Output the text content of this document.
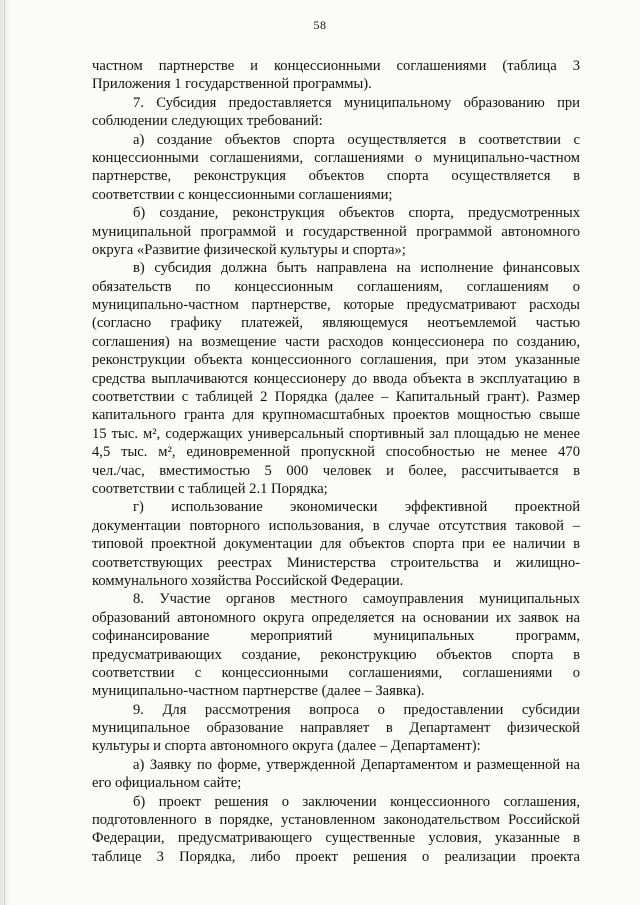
58
частном партнерстве и концессионными соглашениями (таблица 3
Приложения 1 государственной программы).
7. Субсидия предоставляется муниципальному образованию при
соблюдении следующих требований:
а) создание объектов спорта осуществляется в соответствии с
концессионными соглашениями, соглашениями о муниципально-частном
партнерстве, реконструкция объектов спорта осуществляется в
соответствии с концессионными соглашениями;
б) создание, реконструкция объектов спорта, предусмотренных
муниципальной программой и государственной программой автономного
округа «Развитие физической культуры и спорта»;
в) субсидия должна быть направлена на исполнение финансовых
обязательств по концессионным соглашениям, соглашениям о
муниципально-частном партнерстве, которые предусматривают расходы
(согласно графику платежей, являющемуся неотъемлемой частью
соглашения) на возмещение части расходов концессионера по созданию,
реконструкции объекта концессионного соглашения, при этом указанные
средства выплачиваются концессионеру до ввода объекта в эксплуатацию в
соответствии с таблицей 2 Порядка (далее – Капитальный грант). Размер
капитального гранта для крупномасштабных проектов мощностью свыше
15 тыс. м², содержащих универсальный спортивный зал площадью не менее
4,5 тыс. м², единовременной пропускной способностью не менее 470
чел./час, вместимостью 5 000 человек и более, рассчитывается в
соответствии с таблицей 2.1 Порядка;
г) использование экономически эффективной проектной
документации повторного использования, в случае отсутствия таковой –
типовой проектной документации для объектов спорта при ее наличии в
соответствующих реестрах Министерства строительства и жилищно-
коммунального хозяйства Российской Федерации.
8. Участие органов местного самоуправления муниципальных
образований автономного округа определяется на основании их заявок на
софинансирование мероприятий муниципальных программ,
предусматривающих создание, реконструкцию объектов спорта в
соответствии с концессионными соглашениями, соглашениями о
муниципально-частном партнерстве (далее – Заявка).
9. Для рассмотрения вопроса о предоставлении субсидии
муниципальное образование направляет в Департамент физической
культуры и спорта автономного округа (далее – Департамент):
а) Заявку по форме, утвержденной Департаментом и размещенной на
его официальном сайте;
б) проект решения о заключении концессионного соглашения,
подготовленного в порядке, установленном законодательством Российской
Федерации, предусматривающего существенные условия, указанные в
таблице 3 Порядка, либо проект решения о реализации проекта
